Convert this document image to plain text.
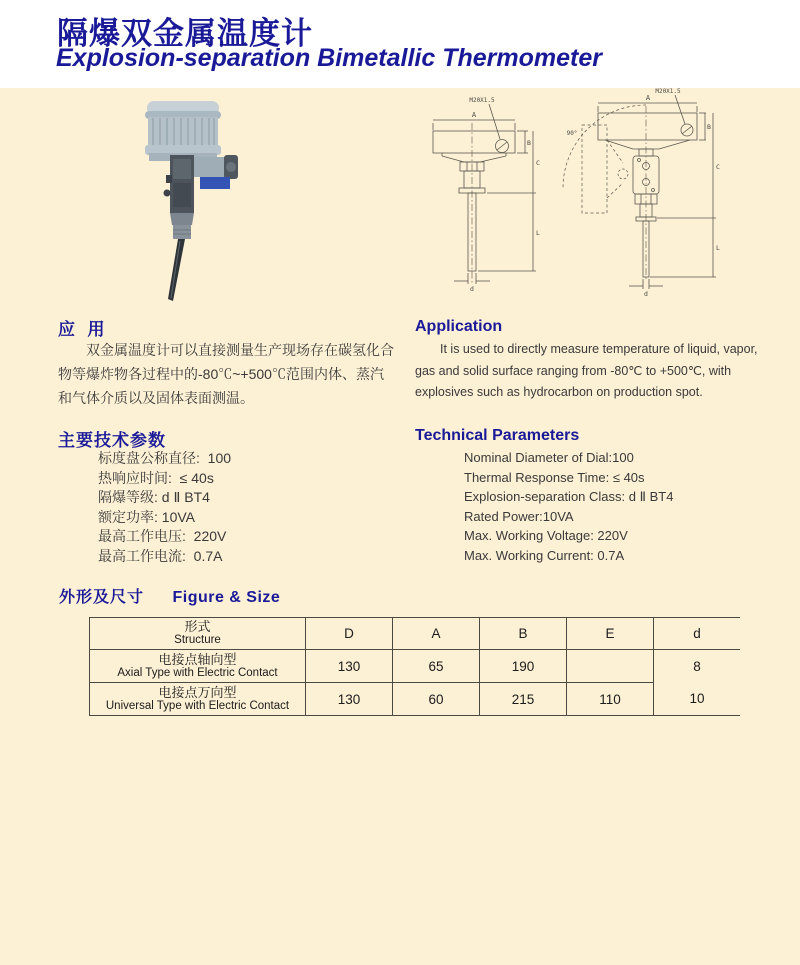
隔爆双金属温度计
Explosion-separation Bimetallic Thermometer
M20X1.5
A
B
C
L
d
M20X1.5
A
90°
B
C
L
d
应  用

双金属温度计可以直接测量生产现场存在碳氢化合物等爆炸物各过程中的-80℃~+500℃范围内体、蒸汽和气体介质以及固体表面测温。

Application

It is used to directly measure temperature of liquid, vapor, gas and solid surface ranging from -80℃ to +500℃, with explosives such as hydrocarbon on production spot.

主要技术参数
标度盘公称直径:  100
热响应时间:  ≤ 40s
隔爆等级: d Ⅱ BT4
额定功率: 10VA
最高工作电压:  220V
最高工作电流:  0.7A
Technical Parameters
Nominal Diameter of Dial:100
Thermal Response Time: ≤ 40s
Explosion-separation Class: d Ⅱ BT4
Rated Power:10VA
Max. Working Voltage: 220V
Max. Working Current: 0.7A
外形及尺寸 Figure & Size
形式
Structure	D	A	B	E	d

电接点轴向型
Axial Type with Electric Contact	130	65	190		8

电接点万向型
Universal Type with Electric Contact	130	60	215	110	10
